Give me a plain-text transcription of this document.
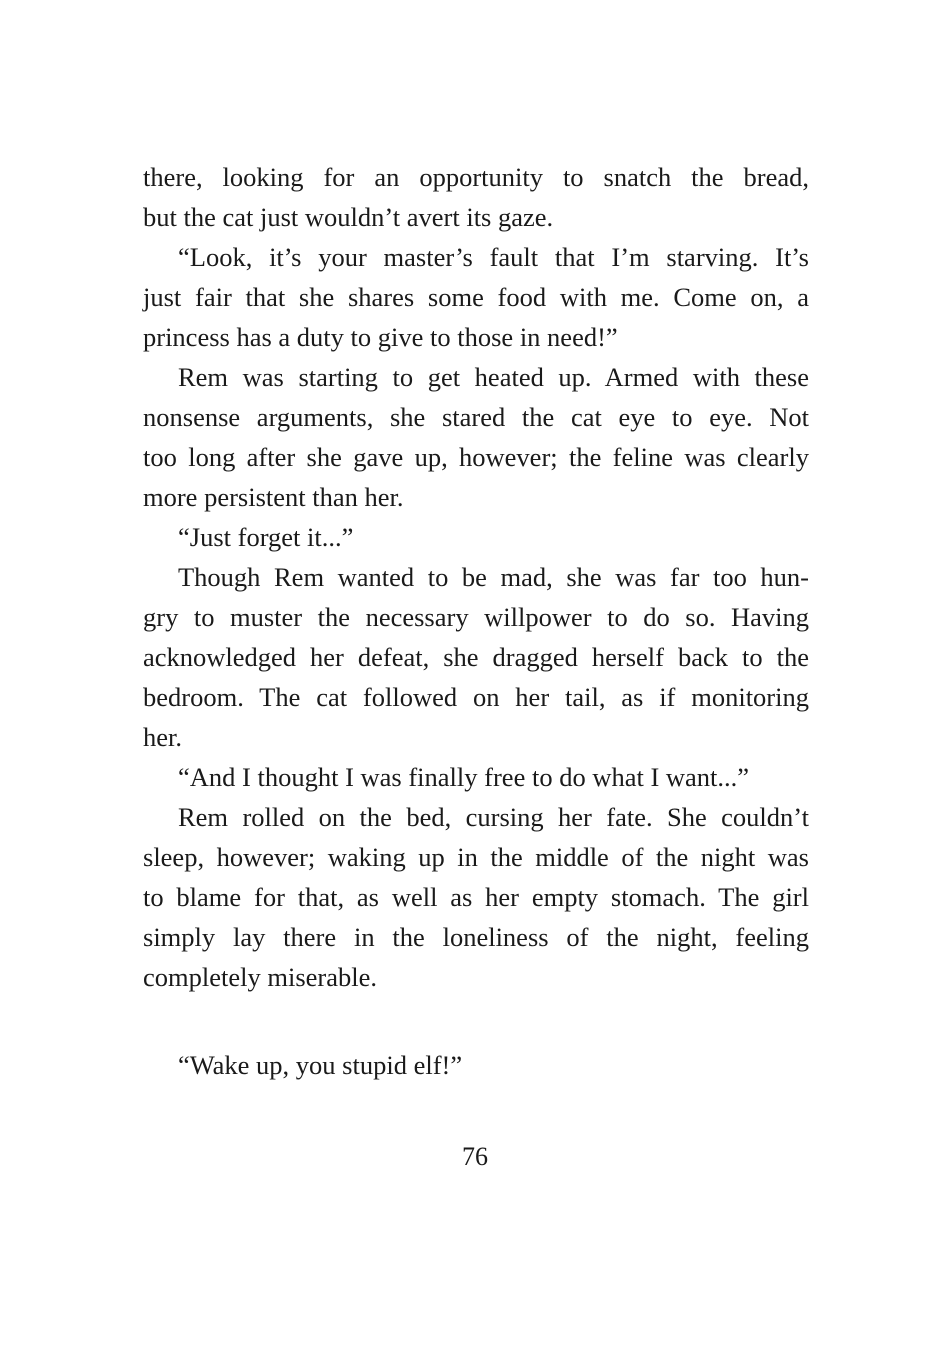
there, looking for an opportunity to snatch the bread,
but the cat just wouldn’t avert its gaze.
“Look, it’s your master’s fault that I’m starving. It’s
just fair that she shares some food with me. Come on, a
princess has a duty to give to those in need!”
Rem was starting to get heated up. Armed with these
nonsense arguments, she stared the cat eye to eye. Not
too long after she gave up, however; the feline was clearly
more persistent than her.
“Just forget it...”
Though Rem wanted to be mad, she was far too hun-
gry to muster the necessary willpower to do so. Having
acknowledged her defeat, she dragged herself back to the
bedroom. The cat followed on her tail, as if monitoring
her.
“And I thought I was finally free to do what I want...”
Rem rolled on the bed, cursing her fate. She couldn’t
sleep, however; waking up in the middle of the night was
to blame for that, as well as her empty stomach. The girl
simply lay there in the loneliness of the night, feeling
completely miserable.
“Wake up, you stupid elf!”
76
